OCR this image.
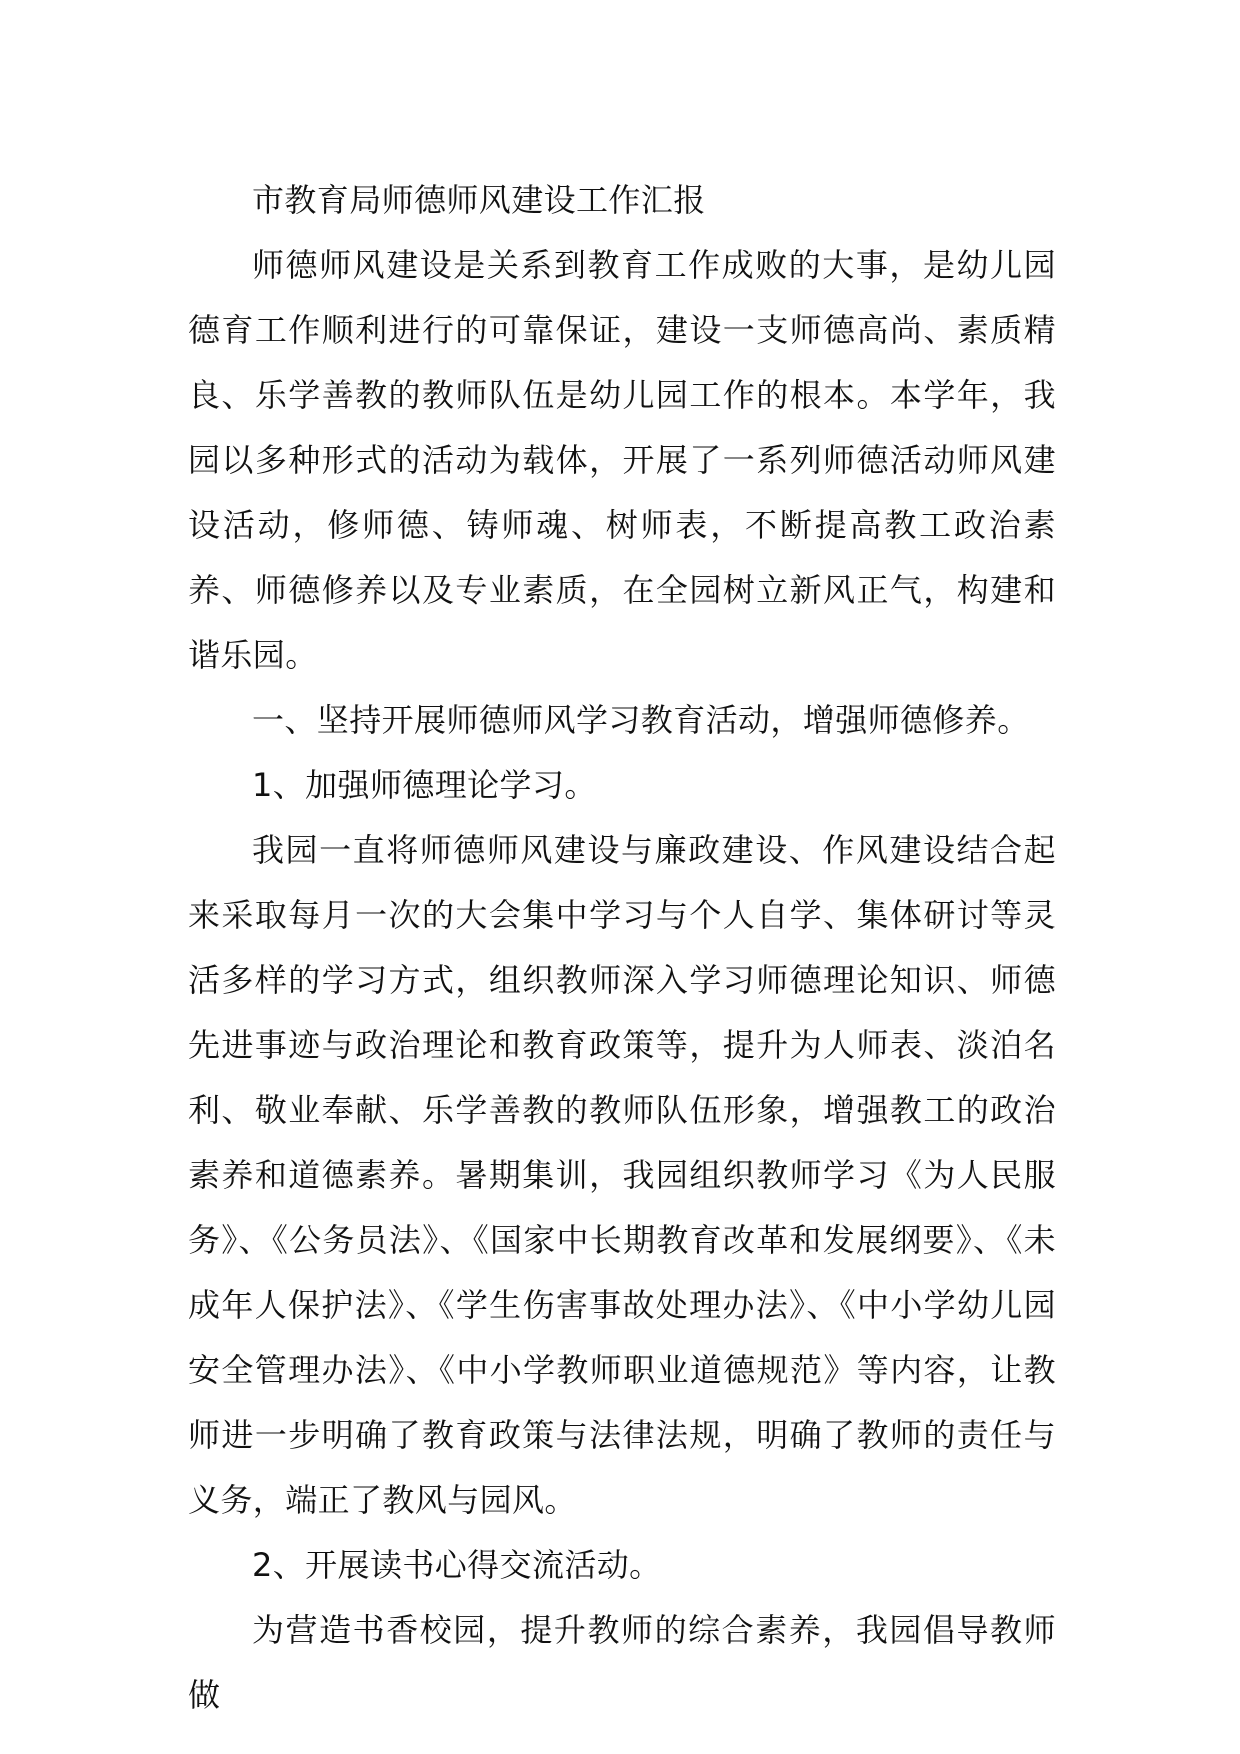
市教育局师德师风建设工作汇报

师德师风建设是关系到教育工作成败的大事，是幼儿园德育工作顺利进行的可靠保证，建设一支师德高尚、素质精良、乐学善教的教师队伍是幼儿园工作的根本。本学年，我园以多种形式的活动为载体，开展了一系列师德活动师风建设活动，修师德、铸师魂、树师表，不断提高教工政治素养、师德修养以及专业素质，在全园树立新风正气，构建和谐乐园。

一、坚持开展师德师风学习教育活动，增强师德修养。

1、加强师德理论学习。

我园一直将师德师风建设与廉政建设、作风建设结合起来采取每月一次的大会集中学习与个人自学、集体研讨等灵活多样的学习方式，组织教师深入学习师德理论知识、师德先进事迹与政治理论和教育政策等，提升为人师表、淡泊名利、敬业奉献、乐学善教的教师队伍形象，增强教工的政治素养和道德素养。暑期集训，我园组织教师学习《为人民服务》、《公务员法》、《国家中长期教育改革和发展纲要》、《未成年人保护法》、《学生伤害事故处理办法》、《中小学幼儿园安全管理办法》、《中小学教师职业道德规范》等内容，让教师进一步明确了教育政策与法律法规，明确了教师的责任与义务，端正了教风与园风。

2、开展读书心得交流活动。

为营造书香校园，提升教师的综合素养，我园倡导教师做
